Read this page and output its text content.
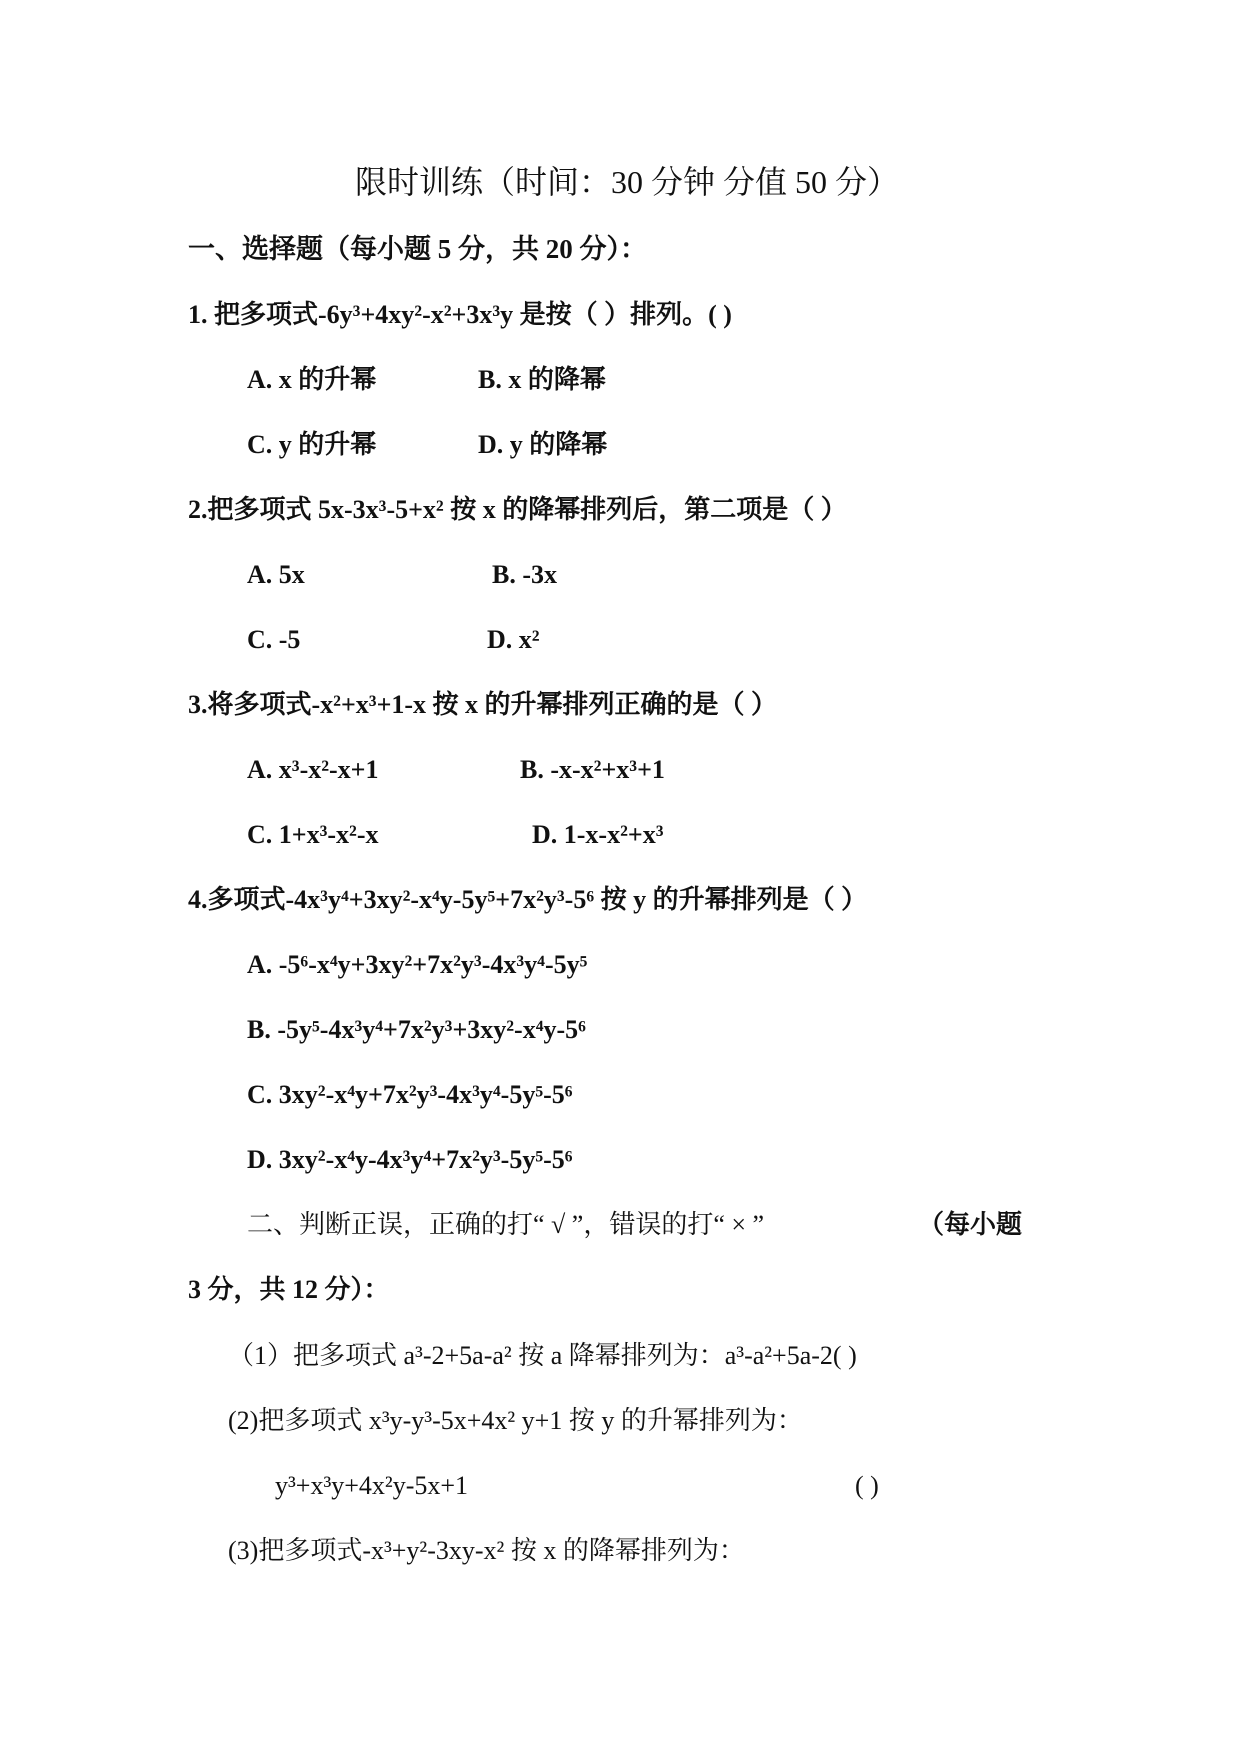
限时训练（时间：30 分钟 分值 50 分）
一、选择题（每小题 5 分，共 20 分）：
1. 把多项式-6y³+4xy²-x²+3x³y 是按（ ）排列。( )
A. x 的升幂	B. x 的降幂
C. y 的升幂	D. y 的降幂
2.把多项式 5x-3x³-5+x² 按 x 的降幂排列后，第二项是（ ）
A. 5x	B. -3x
C. -5	D. x²
3.将多项式-x²+x³+1-x 按 x 的升幂排列正确的是（ ）
A. x³-x²-x+1	B. -x-x²+x³+1
C. 1+x³-x²-x	D. 1-x-x²+x³
4.多项式-4x³y⁴+3xy²-x⁴y-5y⁵+7x²y³-5⁶ 按 y 的升幂排列是（ ）
A. -5⁶-x⁴y+3xy²+7x²y³-4x³y⁴-5y⁵
B. -5y⁵-4x³y⁴+7x²y³+3xy²-x⁴y-5⁶
C. 3xy²-x⁴y+7x²y³-4x³y⁴-5y⁵-5⁶
D. 3xy²-x⁴y-4x³y⁴+7x²y³-5y⁵-5⁶
二、判断正误，正确的打“ √ ”，错误的打“ × ”	（每小题
3 分，共 12 分）：
（1）把多项式 a³-2+5a-a² 按 a 降幂排列为：a³-a²+5a-2( )
(2)把多项式 x³y-y³-5x+4x² y+1 按 y 的升幂排列为：
y³+x³y+4x²y-5x+1	( )
(3)把多项式-x³+y²-3xy-x² 按 x 的降幂排列为：
